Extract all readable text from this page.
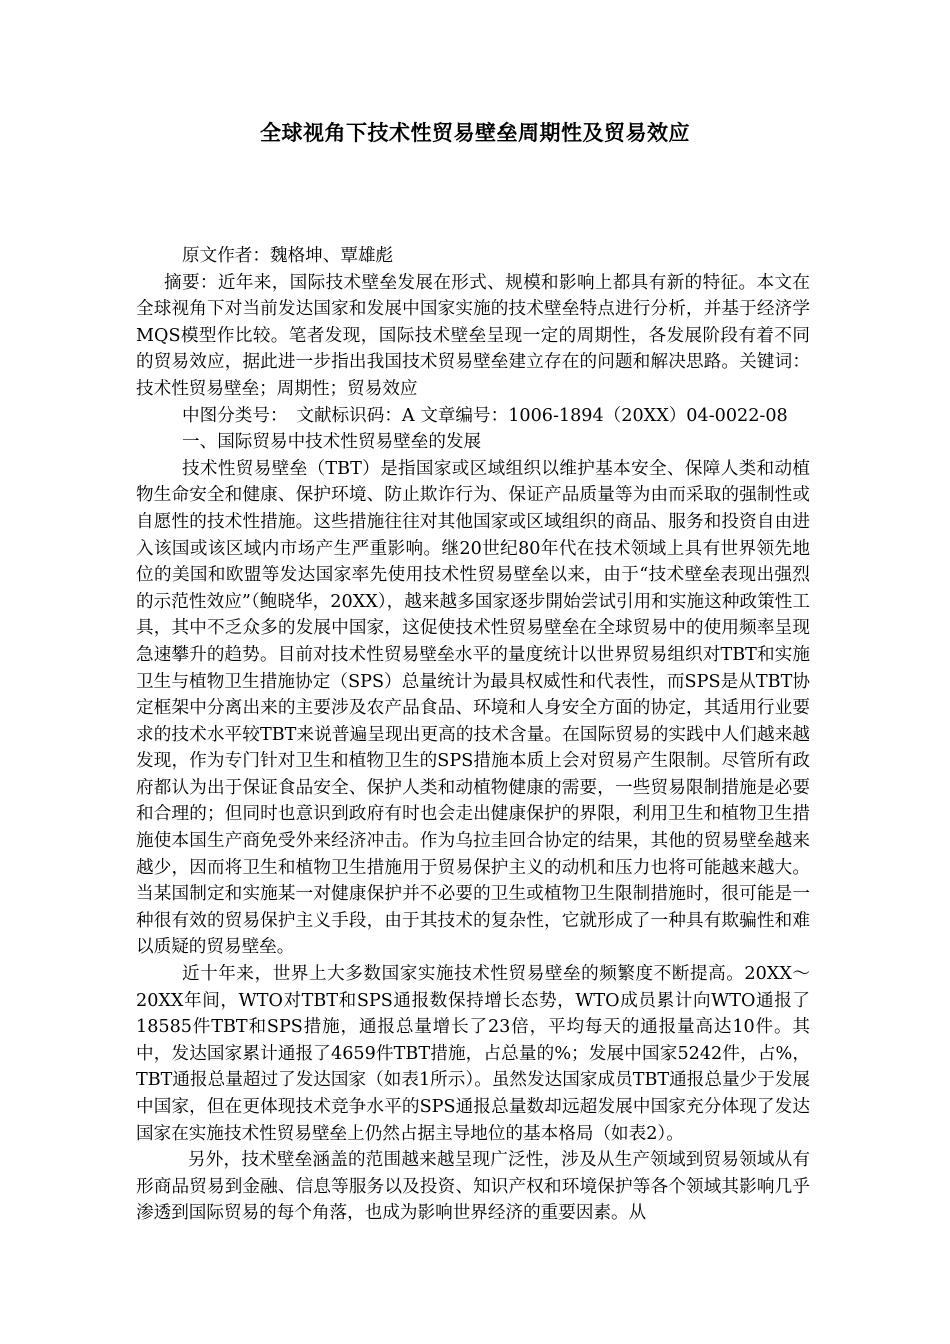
全球视角下技术性贸易壁垒周期性及贸易效应

原文作者：魏格坤、覃雄彪

摘要：近年来，国际技术壁垒发展在形式、规模和影响上都具有新的特征。本文在全球视角下对当前发达国家和发展中国家实施的技术壁垒特点进行分析，并基于经济学MQS模型作比较。笔者发现，国际技术壁垒呈现一定的周期性，各发展阶段有着不同的贸易效应，据此进一步指出我国技术贸易壁垒建立存在的问题和解决思路。关键词：技术性贸易壁垒；周期性；贸易效应

中图分类号：　文献标识码：A 文章编号：1006-1894（20XX）04-0022-08

一、国际贸易中技术性贸易壁垒的发展

技术性贸易壁垒（TBT）是指国家或区域组织以维护基本安全、保障人类和动植物生命安全和健康、保护环境、防止欺诈行为、保证产品质量等为由而采取的强制性或自愿性的技术性措施。这些措施往往对其他国家或区域组织的商品、服务和投资自由进入该国或该区域内市场产生严重影响。继20世纪80年代在技术领域上具有世界领先地位的美国和欧盟等发达国家率先使用技术性贸易壁垒以来，由于“技术壁垒表现出强烈的示范性效应”（鲍晓华，20XX），越来越多国家逐步開始尝试引用和实施这种政策性工具，其中不乏众多的发展中国家，这促使技术性贸易壁垒在全球贸易中的使用频率呈现急速攀升的趋势。目前对技术性贸易壁垒水平的量度统计以世界贸易组织对TBT和实施卫生与植物卫生措施协定（SPS）总量统计为最具权威性和代表性，而SPS是从TBT协定框架中分离出来的主要涉及农产品食品、环境和人身安全方面的协定，其适用行业要求的技术水平较TBT来说普遍呈现出更高的技术含量。在国际贸易的实践中人们越来越发现，作为专门针对卫生和植物卫生的SPS措施本质上会对贸易产生限制。尽管所有政府都认为出于保证食品安全、保护人类和动植物健康的需要，一些贸易限制措施是必要和合理的；但同时也意识到政府有时也会走出健康保护的界限，利用卫生和植物卫生措施使本国生产商免受外来经济冲击。作为乌拉圭回合协定的结果，其他的贸易壁垒越来越少，因而将卫生和植物卫生措施用于贸易保护主义的动机和压力也将可能越来越大。当某国制定和实施某一对健康保护并不必要的卫生或植物卫生限制措施时，很可能是一种很有效的贸易保护主义手段，由于其技术的复杂性，它就形成了一种具有欺骗性和难以质疑的贸易壁垒。

近十年来，世界上大多数国家实施技术性贸易壁垒的频繁度不断提高。20XX～20XX年间，WTO对TBT和SPS通报数保持增长态势，WTO成员累计向WTO通报了18585件TBT和SPS措施，通报总量增长了23倍，平均每天的通报量高达10件。其中，发达国家累计通报了4659件TBT措施，占总量的%；发展中国家5242件，占%，TBT通报总量超过了发达国家（如表1所示）。虽然发达国家成员TBT通报总量少于发展中国家，但在更体现技术竞争水平的SPS通报总量数却远超发展中国家充分体现了发达国家在实施技术性贸易壁垒上仍然占据主导地位的基本格局（如表2）。

另外，技术壁垒涵盖的范围越来越呈现广泛性，涉及从生产领域到贸易领域从有形商品贸易到金融、信息等服务以及投资、知识产权和环境保护等各个领域其影响几乎渗透到国际贸易的每个角落，也成为影响世界经济的重要因素。从
